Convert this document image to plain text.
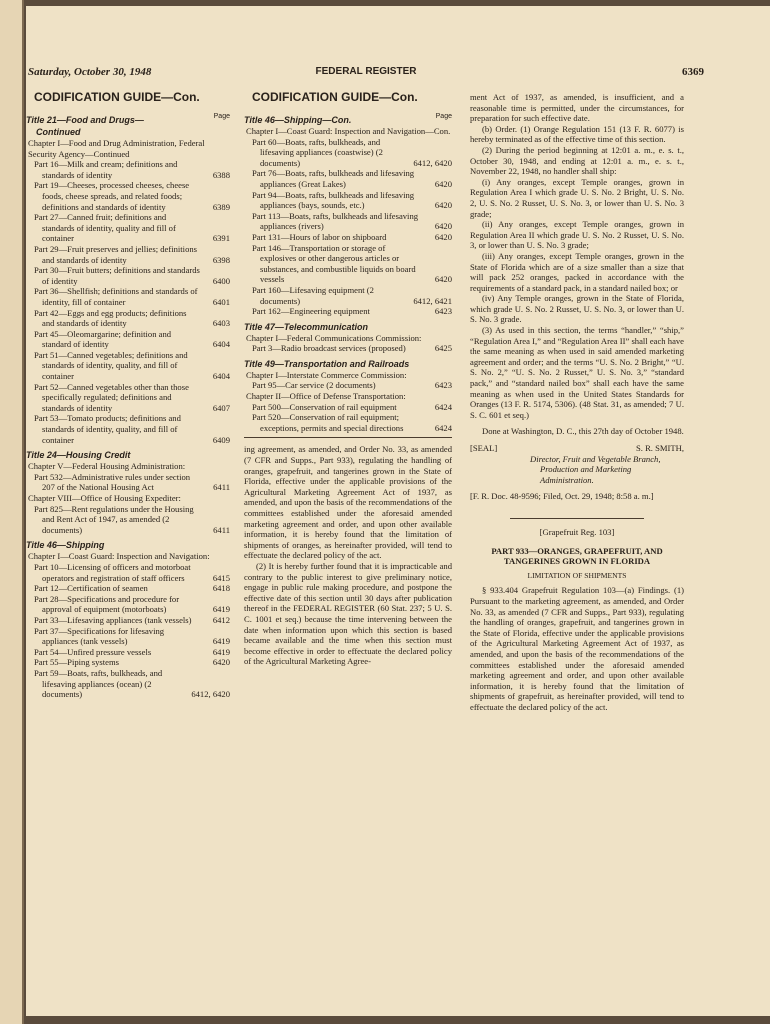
Saturday, October 30, 1948	FEDERAL REGISTER	6369
CODIFICATION GUIDE—Con.
Title 21—Food and Drugs—	Page
Continued
Chapter I—Food and Drug Administration, Federal Security Agency—Continued
Part 16—Milk and cream; definitions and standards of identity	6388
Part 19—Cheeses, processed cheeses, cheese foods, cheese spreads, and related foods; definitions and standards of identity	6389
Part 27—Canned fruit; definitions and standards of identity, quality and fill of container	6391
Part 29—Fruit preserves and jellies; definitions and standards of identity	6398
Part 30—Fruit butters; definitions and standards of identity	6400
Part 36—Shellfish; definitions and standards of identity, fill of container	6401
Part 42—Eggs and egg products; definitions and standards of identity	6403
Part 45—Oleomargarine; definition and standard of identity	6404
Part 51—Canned vegetables; definitions and standards of identity, quality, and fill of container	6404
Part 52—Canned vegetables other than those specifically regulated; definitions and standards of identity	6407
Part 53—Tomato products; definitions and standards of identity, quality, and fill of container	6409
Title 24—Housing Credit
Chapter V—Federal Housing Administration:
Part 532—Administrative rules under section 207 of the National Housing Act	6411
Chapter VIII—Office of Housing Expediter:
Part 825—Rent regulations under the Housing and Rent Act of 1947, as amended (2 documents)	6411
Title 46—Shipping
Chapter I—Coast Guard: Inspection and Navigation:
Part 10—Licensing of officers and motorboat operators and registration of staff officers	6415
Part 12—Certification of seamen	6418
Part 28—Specifications and procedure for approval of equipment (motorboats)	6419
Part 33—Lifesaving appliances (tank vessels)	6412
Part 37—Specifications for lifesaving appliances (tank vessels)	6419
Part 54—Unfired pressure vessels	6419
Part 55—Piping systems	6420
Part 59—Boats, rafts, bulkheads, and lifesaving appliances (ocean) (2 documents)	6412, 6420
CODIFICATION GUIDE—Con.
Title 46—Shipping—Con.	Page
Chapter I—Coast Guard: Inspection and Navigation—Con.
Part 60—Boats, rafts, bulkheads, and lifesaving appliances (coastwise) (2 documents)	6412, 6420
Part 76—Boats, rafts, bulkheads and lifesaving appliances (Great Lakes)	6420
Part 94—Boats, rafts, bulkheads and lifesaving appliances (bays, sounds, etc.)	6420
Part 113—Boats, rafts, bulkheads and lifesaving appliances (rivers)	6420
Part 131—Hours of labor on shipboard	6420
Part 146—Transportation or storage of explosives or other dangerous articles or substances, and combustible liquids on board vessels	6420
Part 160—Lifesaving equipment (2 documents)	6412, 6421
Part 162—Engineering equipment	6423
Title 47—Telecommunication
Chapter I—Federal Communications Commission:
Part 3—Radio broadcast services (proposed)	6425
Title 49—Transportation and Railroads
Chapter I—Interstate Commerce Commission:
Part 95—Car service (2 documents)	6423
Chapter II—Office of Defense Transportation:
Part 500—Conservation of rail equipment	6424
Part 520—Conservation of rail equipment; exceptions, permits and special directions	6424

ing agreement, as amended, and Order No. 33, as amended (7 CFR and Supps., Part 933), regulating the handling of oranges, grapefruit, and tangerines grown in the State of Florida, effective under the applicable provisions of the Agricultural Marketing Agreement Act of 1937, as amended, and upon the basis of the recommendations of the committees established under the aforesaid amended marketing agreement and order, and upon other available information, it is hereby found that the limitation of shipments of oranges, as hereinafter provided, will tend to effectuate the declared policy of the act.

(2) It is hereby further found that it is impracticable and contrary to the public interest to give preliminary notice, engage in public rule making procedure, and postpone the effective date of this section until 30 days after publication thereof in the FEDERAL REGISTER (60 Stat. 237; 5 U. S. C. 1001 et seq.) because the time intervening between the date when information upon which this section is based became available and the time when this section must become effective in order to effectuate the declared policy of the Agricultural Marketing Agree-

ment Act of 1937, as amended, is insufficient, and a reasonable time is permitted, under the circumstances, for preparation for such effective date.

(b) Order. (1) Orange Regulation 151 (13 F. R. 6077) is hereby terminated as of the effective time of this section.

(2) During the period beginning at 12:01 a. m., e. s. t., October 30, 1948, and ending at 12:01 a. m., e. s. t., November 22, 1948, no handler shall ship:

(i) Any oranges, except Temple oranges, grown in Regulation Area I which grade U. S. No. 2 Bright, U. S. No. 2, U. S. No. 2 Russet, U. S. No. 3, or lower than U. S. No. 3 grade;

(ii) Any oranges, except Temple oranges, grown in Regulation Area II which grade U. S. No. 2 Russet, U. S. No. 3, or lower than U. S. No. 3 grade;

(iii) Any oranges, except Temple oranges, grown in the State of Florida which are of a size smaller than a size that will pack 252 oranges, packed in accordance with the requirements of a standard pack, in a standard nailed box; or

(iv) Any Temple oranges, grown in the State of Florida, which grade U. S. No. 2 Russet, U. S. No. 3, or lower than U. S. No. 3 grade.

(3) As used in this section, the terms “handler,” “ship,” “Regulation Area I,” and “Regulation Area II” shall each have the same meaning as when used in said amended marketing agreement and order; and the terms “U. S. No. 2 Bright,” “U. S. No. 2,” “U. S. No. 2 Russet,” U. S. No. 3,” “standard pack,” and “standard nailed box” shall each have the same meaning as when used in the United States Standards for Oranges (13 F. R. 5174, 5306). (48 Stat. 31, as amended; 7 U. S. C. 601 et seq.)

Done at Washington, D. C., this 27th day of October 1948.

[SEAL]	S. R. SMITH,
Director, Fruit and Vegetable Branch, Production and Marketing Administration.
[F. R. Doc. 48-9596; Filed, Oct. 29, 1948; 8:58 a. m.]
[Grapefruit Reg. 103]
PART 933—ORANGES, GRAPEFRUIT, AND TANGERINES GROWN IN FLORIDA
LIMITATION OF SHIPMENTS

§ 933.404 Grapefruit Regulation 103—(a) Findings. (1) Pursuant to the marketing agreement, as amended, and Order No. 33, as amended (7 CFR and Supps., Part 933), regulating the handling of oranges, grapefruit, and tangerines grown in the State of Florida, effective under the applicable provisions of the Agricultural Marketing Agreement Act of 1937, as amended, and upon the basis of the recommendations of the committees established under the aforesaid amended marketing agreement and order, and upon other available information, it is hereby found that the limitation of shipments of grapefruit, as hereinafter provided, will tend to effectuate the declared policy of the act.
